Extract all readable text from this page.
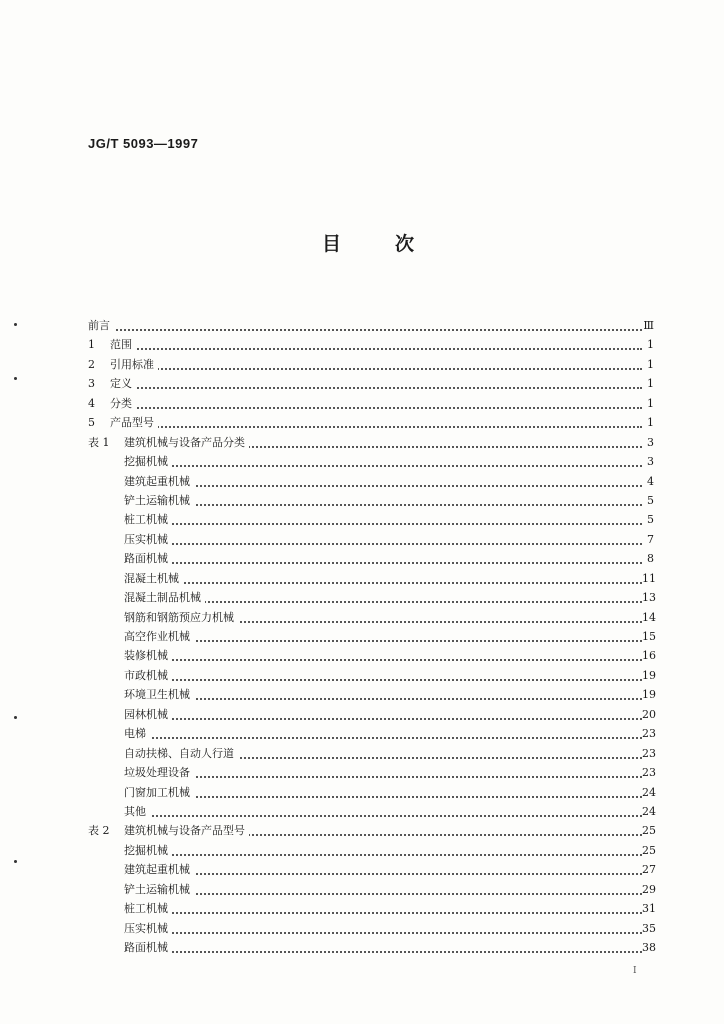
JG/T 5093—1997
目次
前言	Ⅲ
1 范围	1
2 引用标准	1
3 定义	1
4 分类	1
5 产品型号	1
表 1 建筑机械与设备产品分类	3
挖掘机械	3
建筑起重机械	4
铲土运输机械	5
桩工机械	5
压实机械	7
路面机械	8
混凝土机械	11
混凝土制品机械	13
钢筋和钢筋预应力机械	14
高空作业机械	15
装修机械	16
市政机械	19
环境卫生机械	19
园林机械	20
电梯	23
自动扶梯、自动人行道	23
垃圾处理设备	23
门窗加工机械	24
其他	24
表 2 建筑机械与设备产品型号	25
挖掘机械	25
建筑起重机械	27
铲土运输机械	29
桩工机械	31
压实机械	35
路面机械	38
I
